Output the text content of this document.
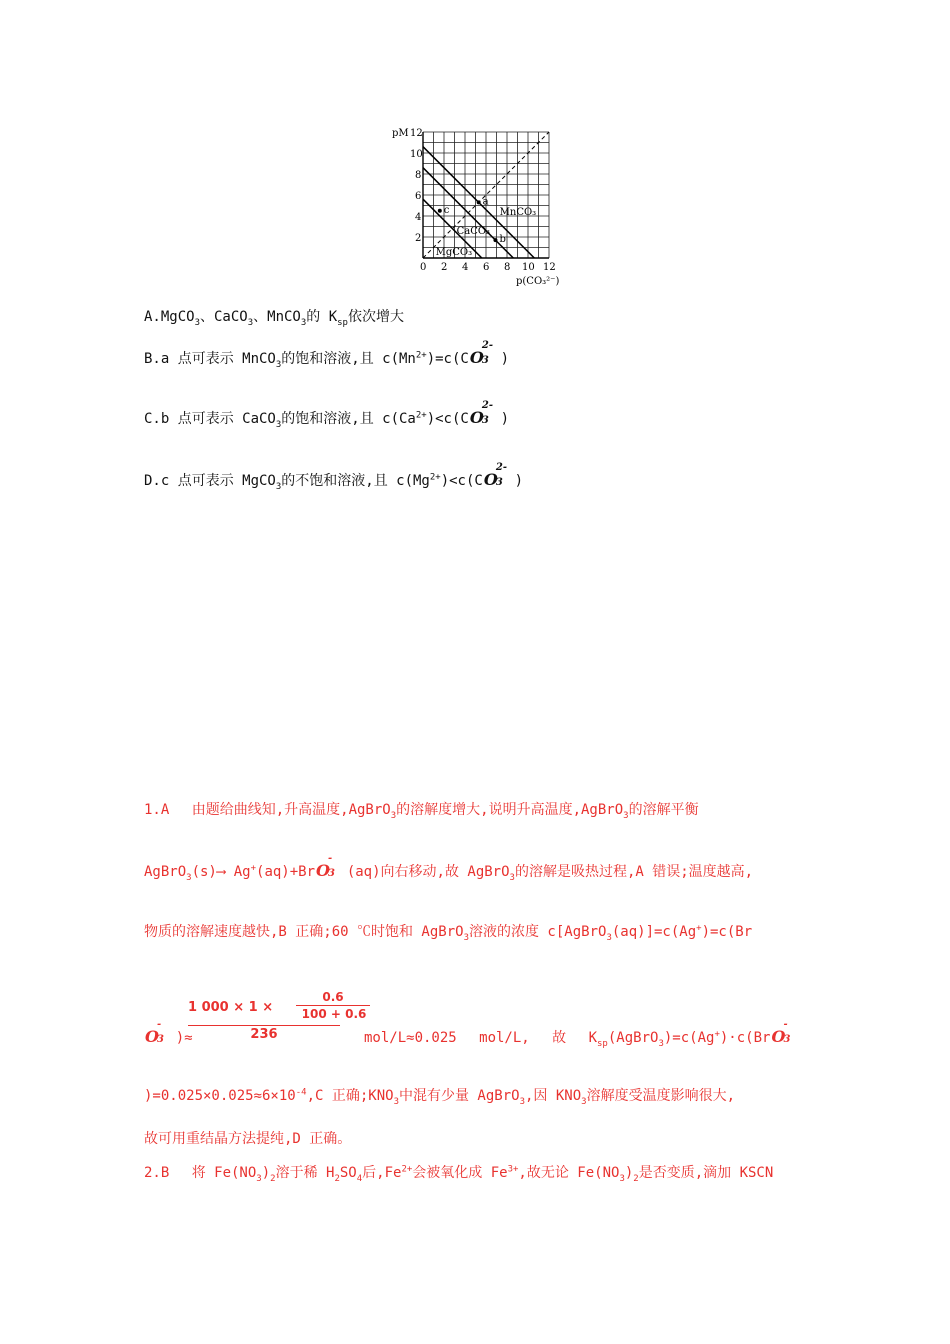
MgCO₃
CaCO₃
MnCO₃
a
b
c
0 2 4 6 8 10 12
2
4
6
8
10
12
pM
p(CO₃²⁻)
A.MgCO$_3$、CaCO$_3$、MnCO$_3$的 $K_{sp}$依次增大
B.a 点可表示 MnCO$_3$的饱和溶液,且 $c(Mn^{2+})=c(CO$
2-
3 )
C.b 点可表示 CaCO$_3$的饱和溶液,且 $c(Ca^{2+})<c(CO$
2-
3 )
D.c 点可表示 MgCO$_3$的不饱和溶液,且 $c(Mg^{2+})<c(CO$
2-
3 )
1.A　 由题给曲线知,升高温度,AgBrO$_3$的溶解度增大,说明升高温度,AgBrO$_3$的溶解平衡
AgBrO$_3$(s)⟶ Ag+(aq)+BrO
-
3 (aq)向右移动,故 AgBrO$_3$的溶解是吸热过程,A 错误;温度越高,
物质的溶解速度越快,B 正确;60 ℃时饱和 AgBrO$_3$溶液的浓度 c[AgBrO$_3$(aq)]=c(Ag+)=c(Br
1 000 × 1 ×
0.6
100 + 0.6
236
O
-
3 )≈	mol/L≈0.025　 mol/L,　 故　 $K_{sp}(AgBrO_3)=c(Ag^+)\cdot c(BrO$
-
3
)$=0.025\times 0.025\approx 6\times 10^{-4},C$ 正确$;KNO_3$中混有少量 AgBrO$_3$,因 $KNO_3$溶解度受温度影响很大,
故可用重结晶方法提纯,D 正确。
2.B　 将 $Fe(NO_3)_2$溶于稀 $H_2SO_4$后$,Fe^{2+}$会被氧化成 $Fe^{3+}$,故无论 $Fe(NO_3)_2$是否变质,滴加 KSCN
